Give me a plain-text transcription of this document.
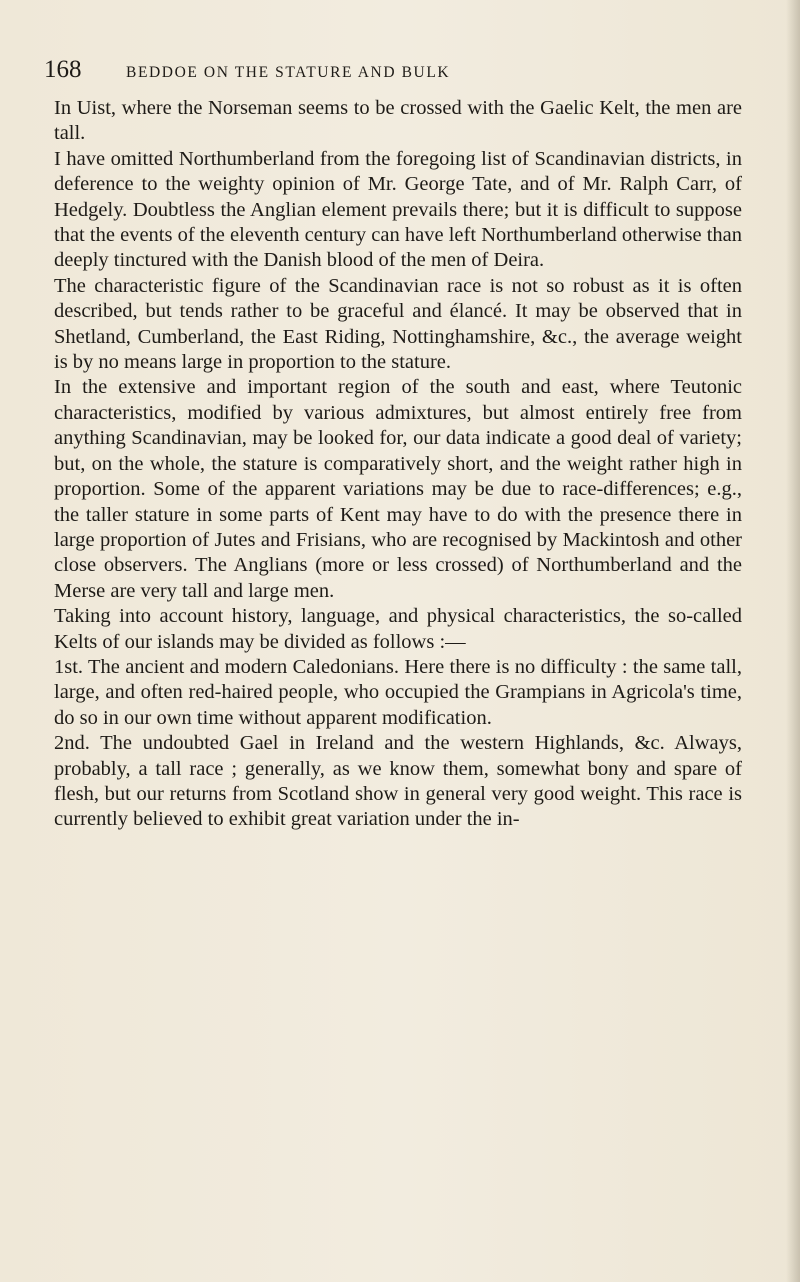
168	BEDDOE ON THE STATURE AND BULK

In Uist, where the Norseman seems to be crossed with the Gaelic Kelt, the men are tall.

I have omitted Northumberland from the foregoing list of Scandinavian districts, in deference to the weighty opinion of Mr. George Tate, and of Mr. Ralph Carr, of Hedgely. Doubtless the Anglian element prevails there; but it is difficult to suppose that the events of the eleventh century can have left Northumberland otherwise than deeply tinctured with the Danish blood of the men of Deira.

The characteristic figure of the Scandinavian race is not so robust as it is often described, but tends rather to be graceful and élancé. It may be observed that in Shetland, Cumberland, the East Riding, Nottinghamshire, &c., the average weight is by no means large in proportion to the stature.

In the extensive and important region of the south and east, where Teutonic characteristics, modified by various admixtures, but almost entirely free from anything Scandinavian, may be looked for, our data indicate a good deal of variety; but, on the whole, the stature is comparatively short, and the weight rather high in proportion. Some of the apparent variations may be due to race-differences; e.g., the taller stature in some parts of Kent may have to do with the presence there in large proportion of Jutes and Frisians, who are recognised by Mackintosh and other close observers. The Anglians (more or less crossed) of Northumberland and the Merse are very tall and large men.

Taking into account history, language, and physical characteristics, the so-called Kelts of our islands may be divided as follows :—

1st. The ancient and modern Caledonians. Here there is no difficulty : the same tall, large, and often red-haired people, who occupied the Grampians in Agricola's time, do so in our own time without apparent modification.

2nd. The undoubted Gael in Ireland and the western Highlands, &c. Always, probably, a tall race ; generally, as we know them, somewhat bony and spare of flesh, but our returns from Scotland show in general very good weight. This race is currently believed to exhibit great variation under the in-
